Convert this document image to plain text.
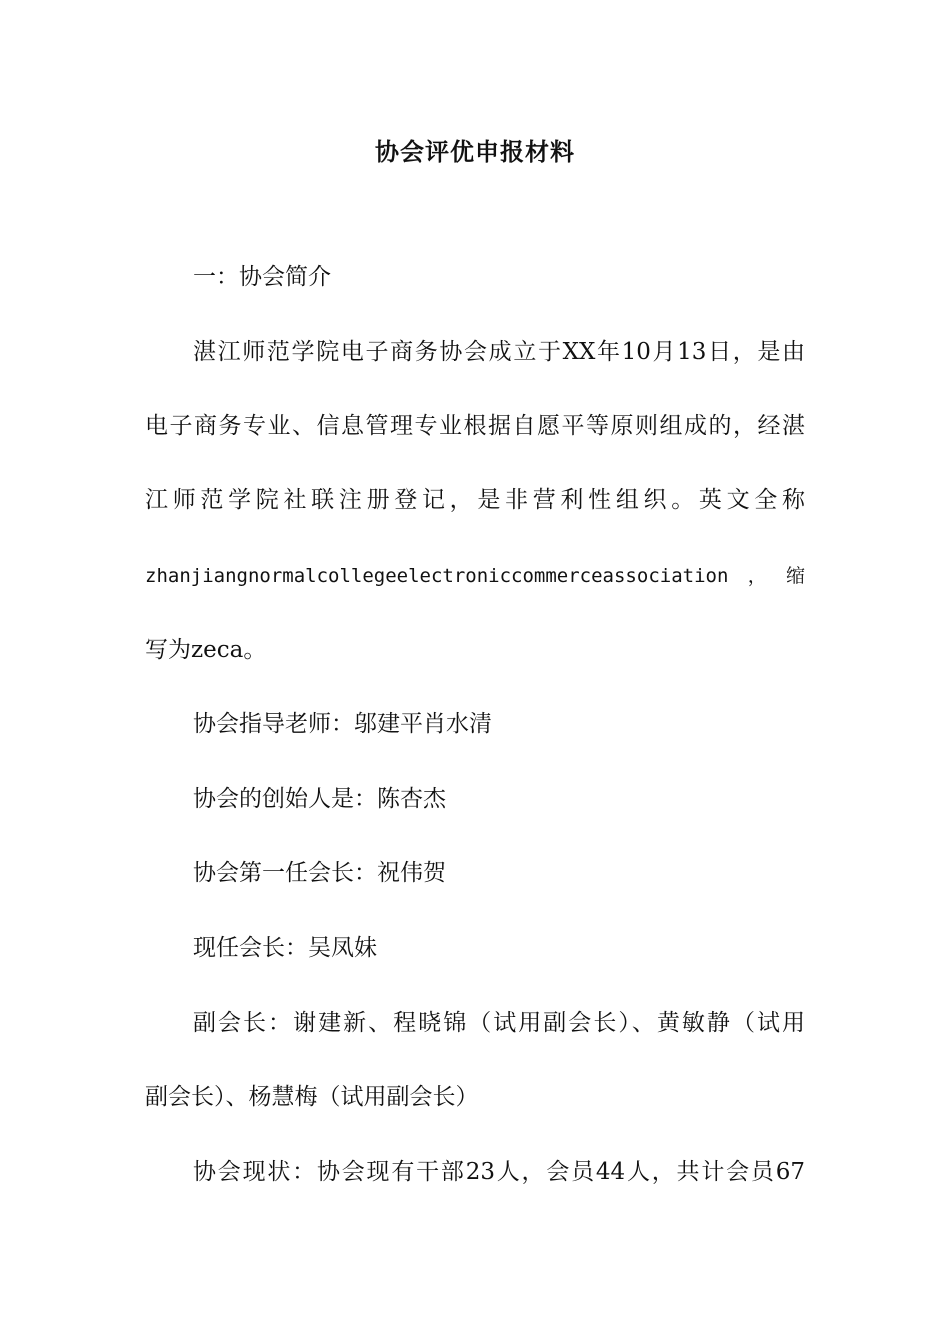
协会评优申报材料

一：协会简介

湛江师范学院电子商务协会成立于XX年10月13日，是由

电子商务专业、信息管理专业根据自愿平等原则组成的，经湛

江师范学院社联注册登记，是非营利性组织。英文全称

zhanjiangnormalcollegeelectroniccommerceassociation，缩

写为zeca。

协会指导老师：邬建平肖水清

协会的创始人是：陈杏杰

协会第一任会长：祝伟贺

现任会长：吴凤妹

副会长：谢建新、程晓锦（试用副会长）、黄敏静（试用

副会长）、杨慧梅（试用副会长）

协会现状：协会现有干部23人，会员44人，共计会员67
